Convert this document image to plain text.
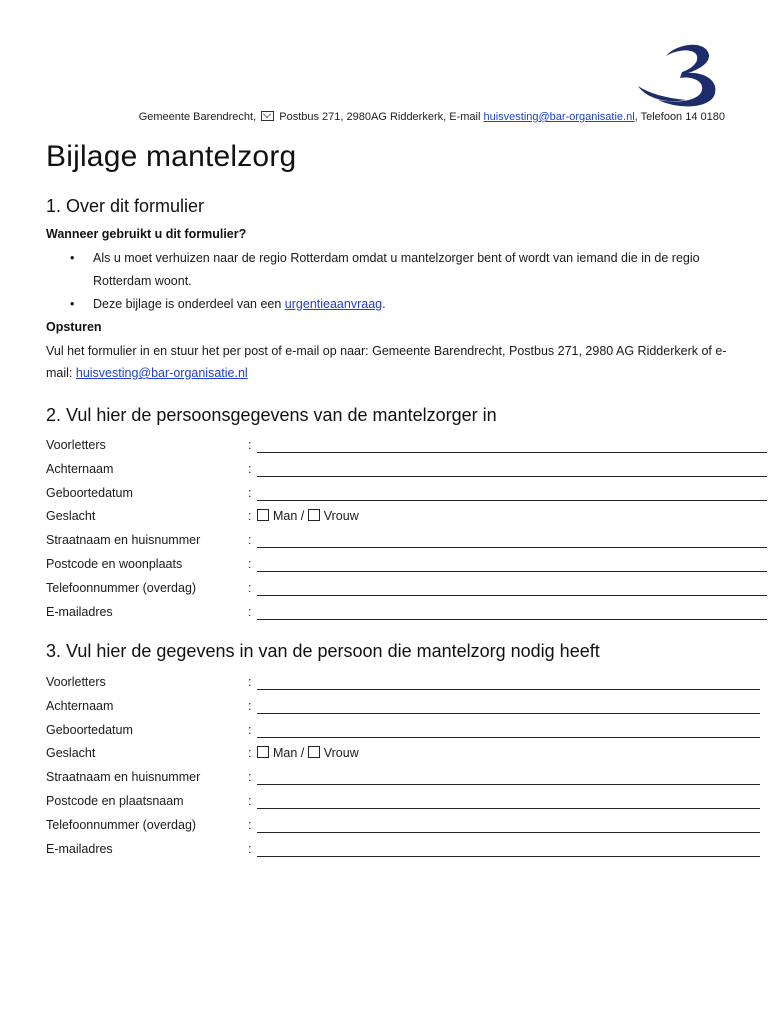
Gemeente Barendrecht, Postbus 271, 2980AG Ridderkerk, E-mail huisvesting@bar-organisatie.nl, Telefoon 14 0180
Bijlage mantelzorg
1. Over dit formulier
Wanneer gebruikt u dit formulier?
• Als u moet verhuizen naar de regio Rotterdam omdat u mantelzorger bent of wordt van iemand die in de regio Rotterdam woont.
• Deze bijlage is onderdeel van een urgentieaanvraag.
Opsturen
Vul het formulier in en stuur het per post of e-mail op naar: Gemeente Barendrecht, Postbus 271, 2980 AG Ridderkerk of e-mail: huisvesting@bar-organisatie.nl
2. Vul hier de persoonsgegevens van de mantelzorger in
Voorletters	:
Achternaam	:
Geboortedatum	:
Geslacht	:	Man / Vrouw
Straatnaam en huisnummer	:
Postcode en woonplaats	:
Telefoonnummer (overdag)	:
E-mailadres	:
3. Vul hier de gegevens in van de persoon die mantelzorg nodig heeft
Voorletters	:
Achternaam	:
Geboortedatum	:
Geslacht	:	Man / Vrouw
Straatnaam en huisnummer	:
Postcode en plaatsnaam	:
Telefoonnummer (overdag)	:
E-mailadres	:
